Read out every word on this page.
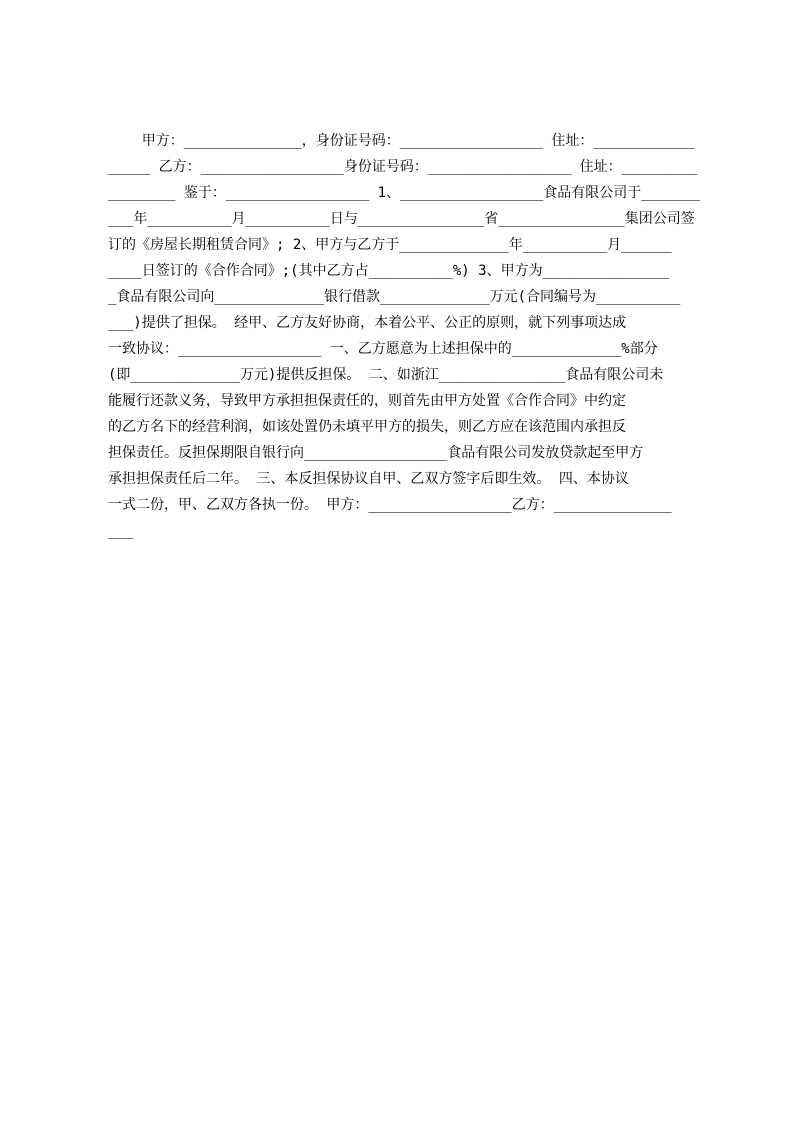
甲方：______________，身份证号码：_________________ 住址：____________
_____ 乙方：_________________身份证号码：_________________ 住址：_________
________ 鉴于：_________________ 1、_________________食品有限公司于_______
___年__________月__________日与_______________省_______________集团公司签
订的《房屋长期租赁合同》; 2、甲方与乙方于_____________年__________月______
____日签订的《合作合同》;(其中乙方占__________%) 3、甲方为_______________
_食品有限公司向_____________银行借款_____________万元(合同编号为__________
___)提供了担保。 经甲、乙方友好协商，本着公平、公正的原则，就下列事项达成
一致协议：_________________ 一、乙方愿意为上述担保中的_____________%部分
(即_____________万元)提供反担保。 二、如浙江_______________食品有限公司未
能履行还款义务，导致甲方承担担保责任的，则首先由甲方处置《合作合同》中约定
的乙方名下的经营利润，如该处置仍未填平甲方的损失，则乙方应在该范围内承担反
担保责任。反担保期限自银行向_________________食品有限公司发放贷款起至甲方
承担担保责任后二年。 三、本反担保协议自甲、乙双方签字后即生效。 四、本协议
一式二份，甲、乙双方各执一份。 甲方：_________________乙方：______________
___
